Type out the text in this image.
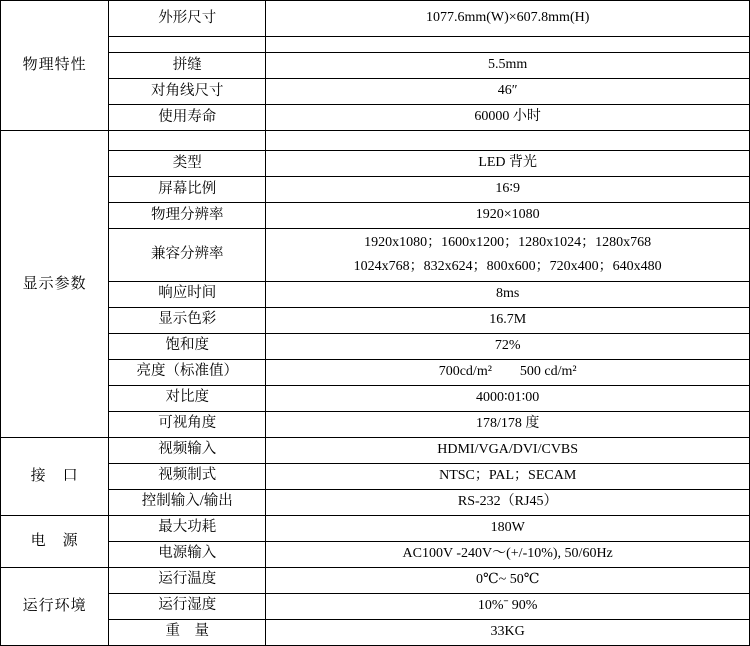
物理特性	外形尺寸	1077.6mm(W)×607.8mm(H)

	拼缝	5.5mm
	对角线尺寸	46″
	使用寿命	60000 小时
显示参数		
	类型	LED 背光
	屏幕比例	16∶9
	物理分辨率	1920×1080
	兼容分辨率	1920x1080；1600x1200；1280x1024；1280x768
1024x768；832x624；800x600；720x400；640x480

	响应时间	8ms
	显示色彩	16.7M
	饱和度	72%
	亮度（标准值）	700cd/m²　　500 cd/m²
	对比度	4000∶01∶00
	可视角度	178/178 度
接　口	视频输入	HDMI/VGA/DVI/CVBS
	视频制式	NTSC；PAL；SECAM
	控制输入/输出	RS-232（RJ45）
电　源	最大功耗	180W
	电源输入	AC100V -240V～(+/-10%), 50/60Hz
运行环境	运行温度	0℃~ 50℃
	运行湿度	10%ˉ 90%
	重　量	33KG
